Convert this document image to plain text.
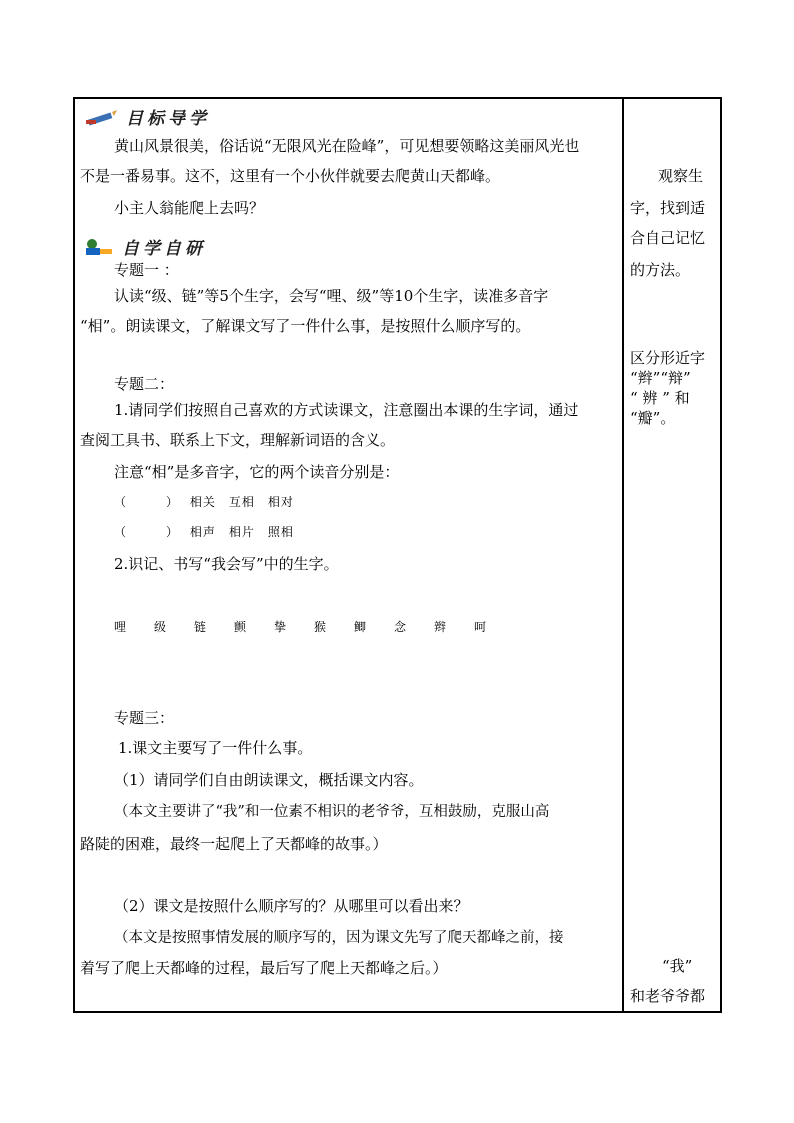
目标导学
黄山风景很美，俗话说“无限风光在险峰”，可见想要领略这美丽风光也
不是一番易事。这不，这里有一个小伙伴就要去爬黄山天都峰。
小主人翁能爬上去吗？
自学自研
专题一 ：
认读“级、链”等5个生字，会写“哩、级”等10个生字，读准多音字
“相”。朗读课文，了解课文写了一件什么事，是按照什么顺序写的。
专题二：
1.请同学们按照自己喜欢的方式读课文，注意圈出本课的生字词，通过
查阅工具书、联系上下文，理解新词语的含义。
注意“相”是多音字，它的两个读音分别是：
（　　　） 相关　互相　相对
（　　　） 相声　相片　照相
2.识记、书写“我会写”中的生字。
哩 级 链 颤 挚 猴 鲫 念 辫 呵
专题三：
1.课文主要写了一件什么事。
（1）请同学们自由朗读课文，概括课文内容。
（本文主要讲了“我”和一位素不相识的老爷爷，互相鼓励，克服山高
路陡的困难，最终一起爬上了天都峰的故事。）
（2）课文是按照什么顺序写的？从哪里可以看出来？
（本文是按照事情发展的顺序写的，因为课文先写了爬天都峰之前，接
着写了爬上天都峰的过程，最后写了爬上天都峰之后。）
观察生
字，找到适
合自己记忆
的方法。
区分形近字
“辫”“辩”
“ 辨 ” 和
“瓣”。
“我”
和老爷爷都
